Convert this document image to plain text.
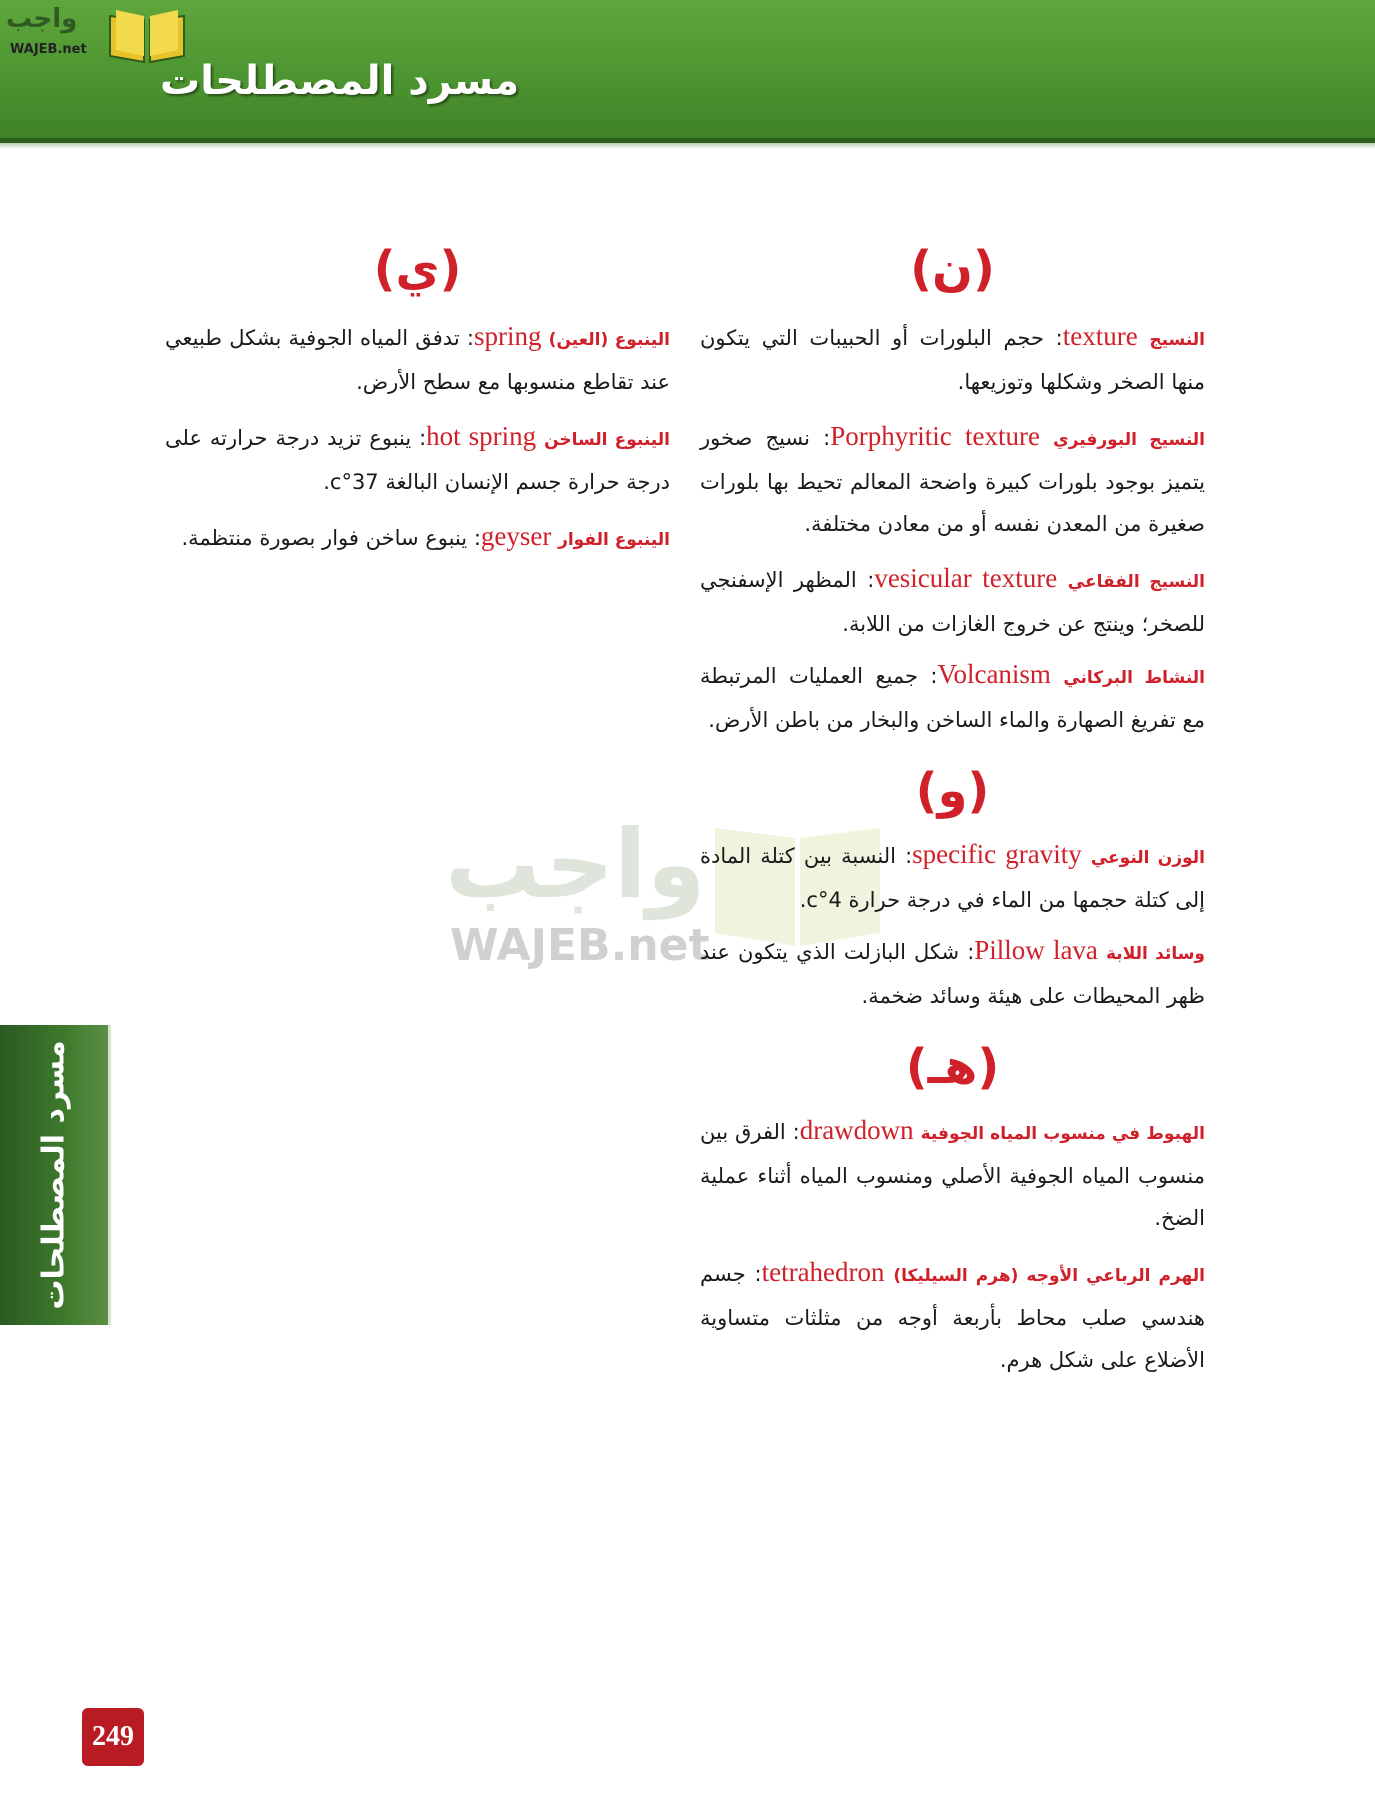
واجب
WAJEB.net
مسرد المصطلحات
مسرد المصطلحات
واجب
WAJEB.net

(ن)

النسيج texture: حجم البلورات أو الحبيبات التي يتكون منها الصخر وشكلها وتوزيعها.

النسيج البورفيري Porphyritic texture: نسيج صخور يتميز بوجود بلورات كبيرة واضحة المعالم تحيط بها بلورات صغيرة من المعدن نفسه أو من معادن مختلفة.

النسيج الفقاعي vesicular texture: المظهر الإسفنجي للصخر؛ وينتج عن خروج الغازات من اللابة.

النشاط البركاني Volcanism: جميع العمليات المرتبطة مع تفريغ الصهارة والماء الساخن والبخار من باطن الأرض.

(و)

الوزن النوعي specific gravity: النسبة بين كتلة المادة إلى كتلة حجمها من الماء في درجة حرارة 4°c.

وسائد اللابة Pillow lava: شكل البازلت الذي يتكون عند ظهر المحيطات على هيئة وسائد ضخمة.

(هـ)

الهبوط في منسوب المياه الجوفية drawdown: الفرق بين منسوب المياه الجوفية الأصلي ومنسوب المياه أثناء عملية الضخ.

الهرم الرباعي الأوجه (هرم السيليكا) tetrahedron: جسم هندسي صلب محاط بأربعة أوجه من مثلثات متساوية الأضلاع على شكل هرم.

(ي)

الينبوع (العين) spring: تدفق المياه الجوفية بشكل طبيعي عند تقاطع منسوبها مع سطح الأرض.

الينبوع الساخن hot spring: ينبوع تزيد درجة حرارته على درجة حرارة جسم الإنسان البالغة 37°c.

الينبوع الفوار geyser: ينبوع ساخن فوار بصورة منتظمة.

249
